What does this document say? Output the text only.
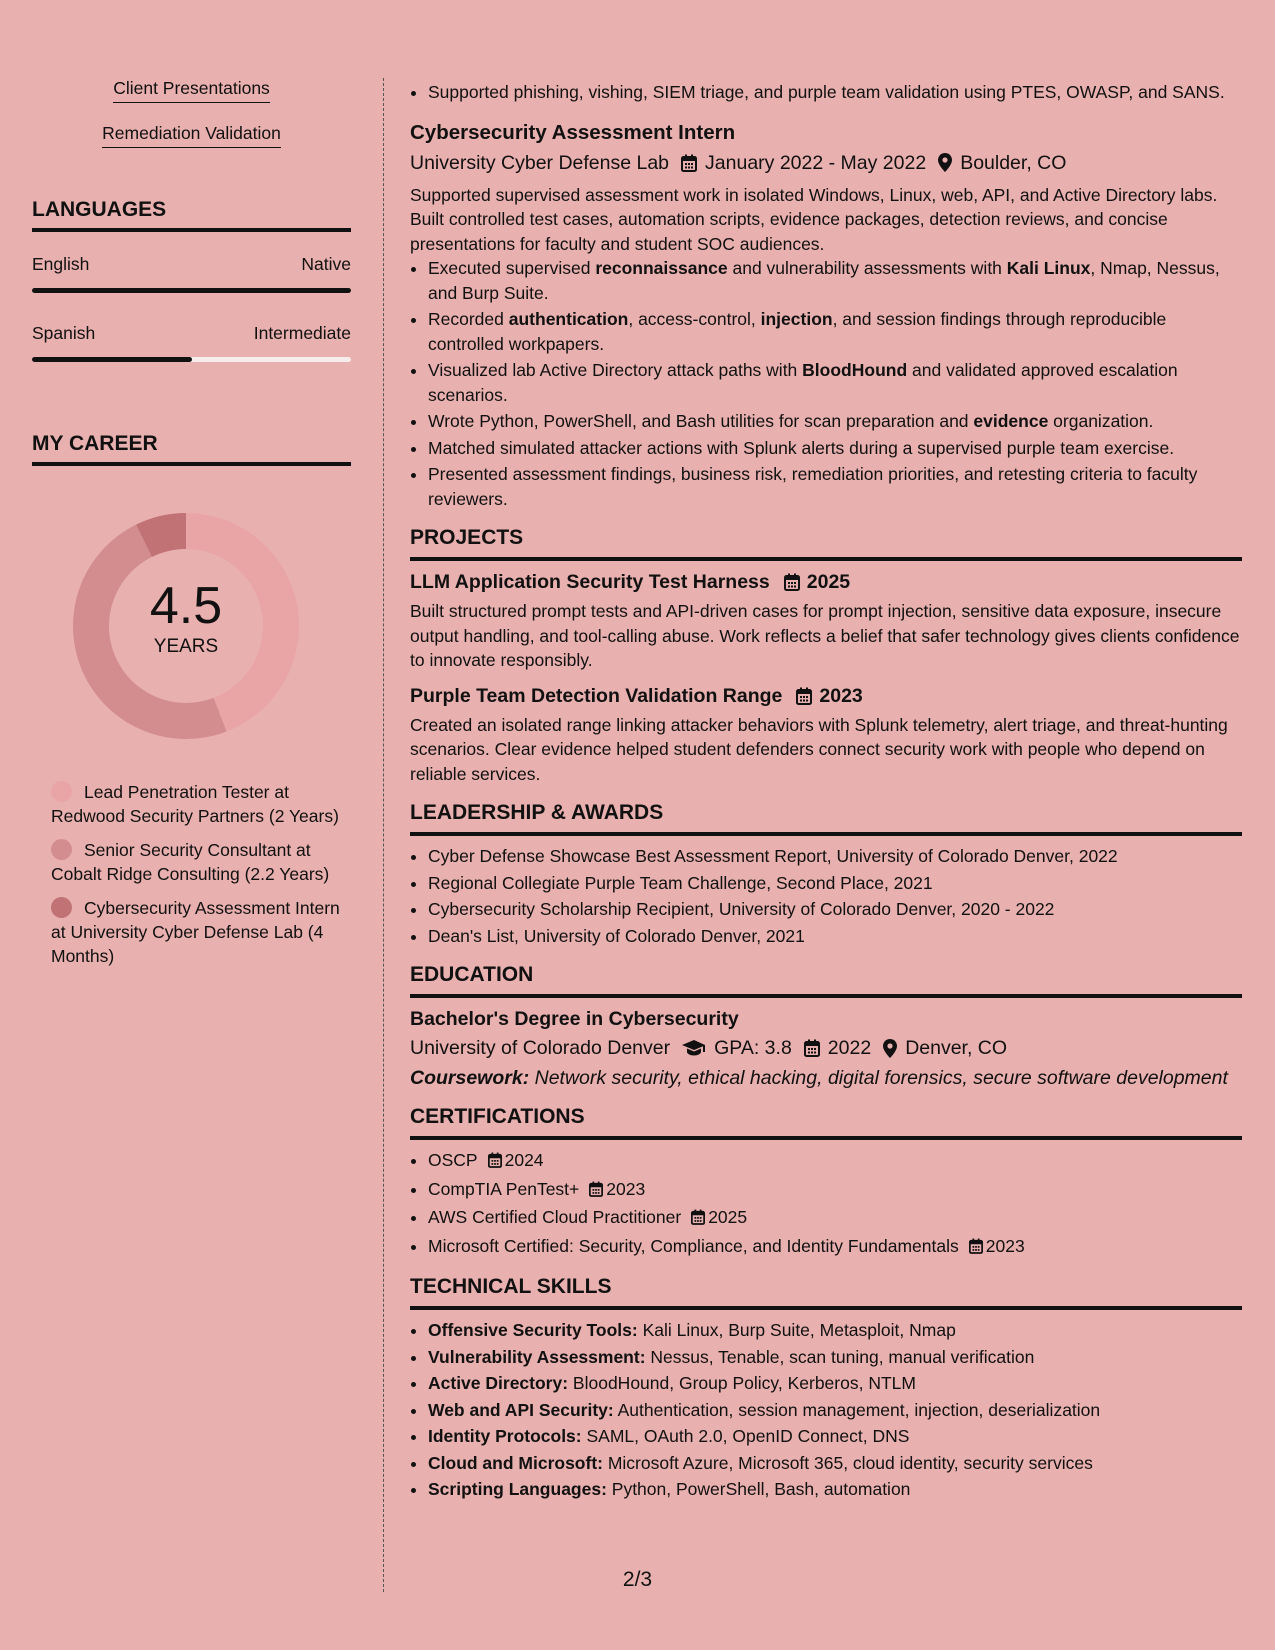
Client Presentations
Remediation Validation
LANGUAGES
English	Native
Spanish	Intermediate
MY CAREER
4.5
YEARS
Lead Penetration Tester at Redwood Security Partners (2 Years)
Senior Security Consultant at Cobalt Ridge Consulting (2.2 Years)
Cybersecurity Assessment Intern at University Cyber Defense Lab (4 Months)
• Supported phishing, vishing, SIEM triage, and purple team validation using PTES, OWASP, and SANS.
Cybersecurity Assessment Intern
University Cyber Defense Lab January 2022 - May 2022 Boulder, CO
Supported supervised assessment work in isolated Windows, Linux, web, API, and Active Directory labs. Built controlled test cases, automation scripts, evidence packages, detection reviews, and concise presentations for faculty and student SOC audiences.
• Executed supervised reconnaissance and vulnerability assessments with Kali Linux, Nmap, Nessus, and Burp Suite.
• Recorded authentication, access-control, injection, and session findings through reproducible controlled workpapers.
• Visualized lab Active Directory attack paths with BloodHound and validated approved escalation scenarios.
• Wrote Python, PowerShell, and Bash utilities for scan preparation and evidence organization.
• Matched simulated attacker actions with Splunk alerts during a supervised purple team exercise.
• Presented assessment findings, business risk, remediation priorities, and retesting criteria to faculty reviewers.
PROJECTS
LLM Application Security Test Harness 2025
Built structured prompt tests and API-driven cases for prompt injection, sensitive data exposure, insecure output handling, and tool-calling abuse. Work reflects a belief that safer technology gives clients confidence to innovate responsibly.
Purple Team Detection Validation Range 2023
Created an isolated range linking attacker behaviors with Splunk telemetry, alert triage, and threat-hunting scenarios. Clear evidence helped student defenders connect security work with people who depend on reliable services.
LEADERSHIP & AWARDS
• Cyber Defense Showcase Best Assessment Report, University of Colorado Denver, 2022
• Regional Collegiate Purple Team Challenge, Second Place, 2021
• Cybersecurity Scholarship Recipient, University of Colorado Denver, 2020 - 2022
• Dean's List, University of Colorado Denver, 2021
EDUCATION
Bachelor's Degree in Cybersecurity
University of Colorado Denver GPA: 3.8 2022 Denver, CO
Coursework: Network security, ethical hacking, digital forensics, secure software development
CERTIFICATIONS
• OSCP 2024
• CompTIA PenTest+ 2023
• AWS Certified Cloud Practitioner 2025
• Microsoft Certified: Security, Compliance, and Identity Fundamentals 2023
TECHNICAL SKILLS
• Offensive Security Tools: Kali Linux, Burp Suite, Metasploit, Nmap
• Vulnerability Assessment: Nessus, Tenable, scan tuning, manual verification
• Active Directory: BloodHound, Group Policy, Kerberos, NTLM
• Web and API Security: Authentication, session management, injection, deserialization
• Identity Protocols: SAML, OAuth 2.0, OpenID Connect, DNS
• Cloud and Microsoft: Microsoft Azure, Microsoft 365, cloud identity, security services
• Scripting Languages: Python, PowerShell, Bash, automation
2/3
